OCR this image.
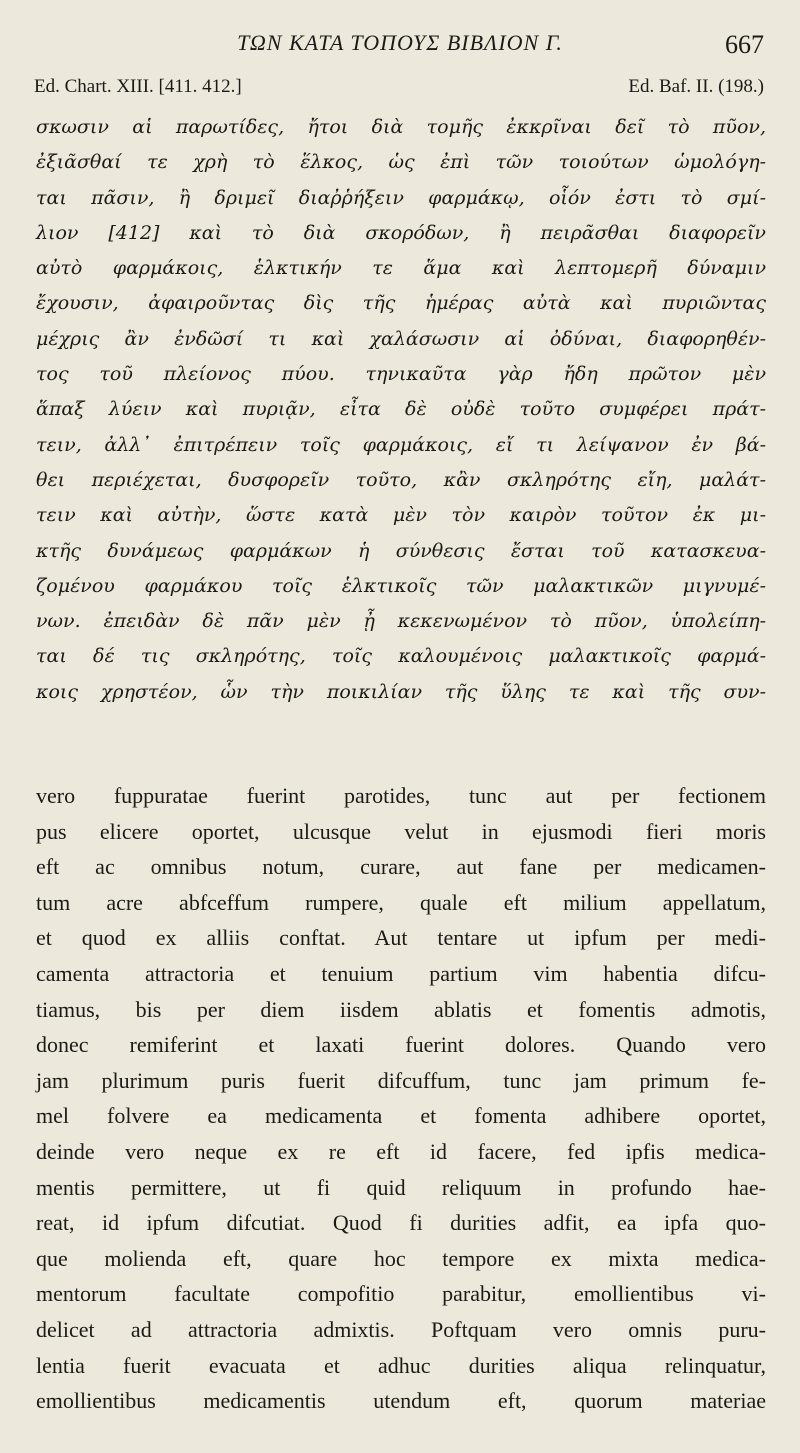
ΤΩΝ ΚΑΤΑ ΤΟΠΟΥΣ ΒΙΒΛΙΟΝ Γ.	667
Ed. Chart. XIII. [411. 412.]	Ed. Baf. II. (198.)
σκωσιν αἱ παρωτίδες, ἤτοι διὰ τομῆς ἐκκρῖναι δεῖ τὸ πῦον,
ἐξιᾶσθαί τε χρὴ τὸ ἕλκος, ὡς ἐπὶ τῶν τοιούτων ὡμολόγη-
ται πᾶσιν, ἢ δριμεῖ διαῤῥήξειν φαρμάκῳ, οἷόν ἐστι τὸ σμί-
λιον [412] καὶ τὸ διὰ σκορόδων, ἢ πειρᾶσθαι διαφορεῖν
αὐτὸ φαρμάκοις, ἑλκτικήν τε ἅμα καὶ λεπτομερῆ δύναμιν
ἔχουσιν, ἀφαιροῦντας δὶς τῆς ἡμέρας αὐτὰ καὶ πυριῶντας
μέχρις ἂν ἐνδῶσί τι καὶ χαλάσωσιν αἱ ὀδύναι, διαφορηθέν-
τος τοῦ πλείονος πύου. τηνικαῦτα γὰρ ἤδη πρῶτον μὲν
ἅπαξ λύειν καὶ πυριᾷν, εἶτα δὲ οὐδὲ τοῦτο συμφέρει πράτ-
τειν, ἀλλ᾿ ἐπιτρέπειν τοῖς φαρμάκοις, εἴ τι λείψανον ἐν βά-
θει περιέχεται, δυσφορεῖν τοῦτο, κἂν σκληρότης εἴη, μαλάτ-
τειν καὶ αὐτὴν, ὥστε κατὰ μὲν τὸν καιρὸν τοῦτον ἐκ μι-
κτῆς δυνάμεως φαρμάκων ἡ σύνθεσις ἔσται τοῦ κατασκευα-
ζομένου φαρμάκου τοῖς ἑλκτικοῖς τῶν μαλακτικῶν μιγνυμέ-
νων. ἐπειδὰν δὲ πᾶν μὲν ᾖ κεκενωμένον τὸ πῦον, ὑπολείπη-
ται δέ τις σκληρότης, τοῖς καλουμένοις μαλακτικοῖς φαρμά-
κοις χρηστέον, ὧν τὴν ποικιλίαν τῆς ὕλης τε καὶ τῆς συν-
vero fuppuratae fuerint parotides, tunc aut per fectionem
pus elicere oportet, ulcusque velut in ejusmodi fieri moris
eft ac omnibus notum, curare, aut fane per medicamen-
tum acre abfceffum rumpere, quale eft milium appellatum,
et quod ex alliis conftat. Aut tentare ut ipfum per medi-
camenta attractoria et tenuium partium vim habentia difcu-
tiamus, bis per diem iisdem ablatis et fomentis admotis,
donec remiferint et laxati fuerint dolores. Quando vero
jam plurimum puris fuerit difcuffum, tunc jam primum fe-
mel folvere ea medicamenta et fomenta adhibere oportet,
deinde vero neque ex re eft id facere, fed ipfis medica-
mentis permittere, ut fi quid reliquum in profundo hae-
reat, id ipfum difcutiat. Quod fi durities adfit, ea ipfa quo-
que molienda eft, quare hoc tempore ex mixta medica-
mentorum facultate compofitio parabitur, emollientibus vi-
delicet ad attractoria admixtis. Poftquam vero omnis puru-
lentia fuerit evacuata et adhuc durities aliqua relinquatur,
emollientibus medicamentis utendum eft, quorum materiae
